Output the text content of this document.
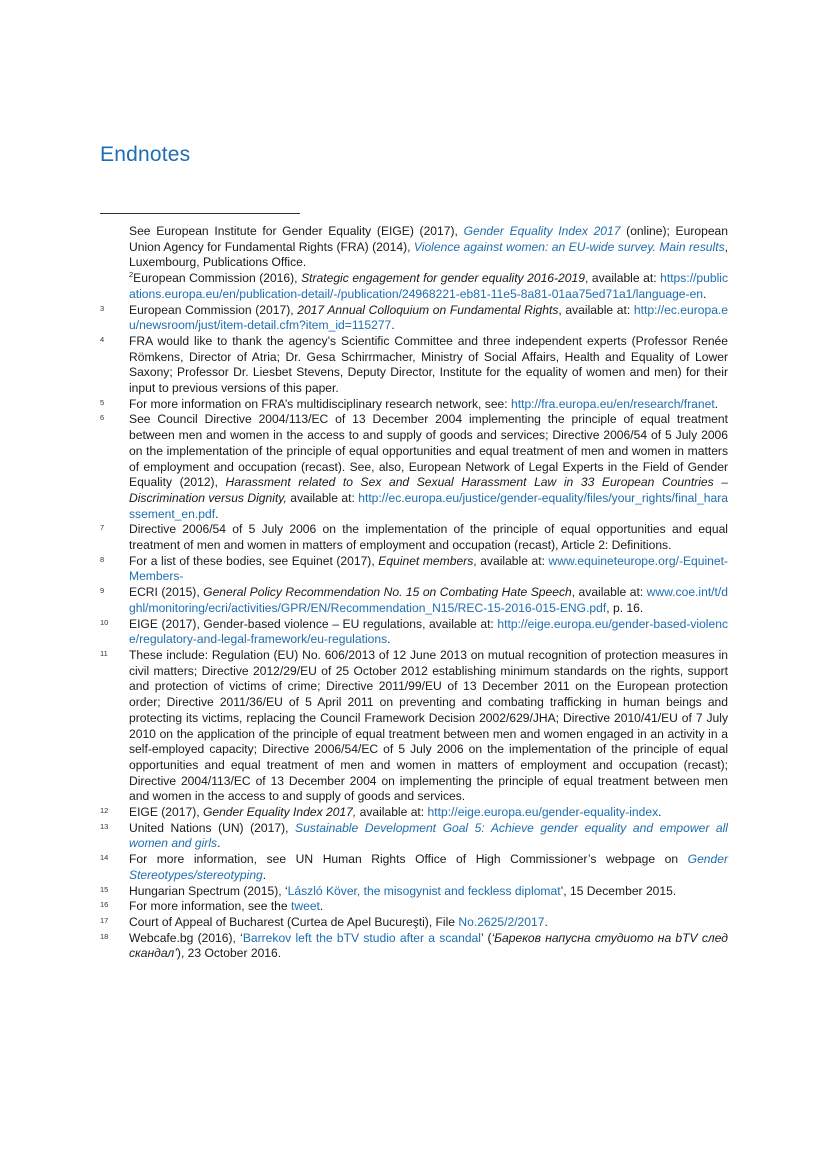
Endnotes
See European Institute for Gender Equality (EIGE) (2017), Gender Equality Index 2017 (online); European Union Agency for Fundamental Rights (FRA) (2014), Violence against women: an EU-wide survey. Main results, Luxembourg, Publications Office.
$^2$European Commission (2016), Strategic engagement for gender equality 2016-2019, available at: https://publications.europa.eu/en/publication-detail/-/publication/24968221-eb81-11e5-8a81-01aa75ed71a1/language-en.
3 European Commission (2017), 2017 Annual Colloquium on Fundamental Rights, available at: http://ec.europa.eu/newsroom/just/item-detail.cfm?item_id=115277.
4 FRA would like to thank the agency’s Scientific Committee and three independent experts (Professor Renée Römkens, Director of Atria; Dr. Gesa Schirrmacher, Ministry of Social Affairs, Health and Equality of Lower Saxony; Professor Dr. Liesbet Stevens, Deputy Director, Institute for the equality of women and men) for their input to previous versions of this paper.
5 For more information on FRA’s multidisciplinary research network, see: http://fra.europa.eu/en/research/franet.
6 See Council Directive 2004/113/EC of 13 December 2004 implementing the principle of equal treatment between men and women in the access to and supply of goods and services; Directive 2006/54 of 5 July 2006 on the implementation of the principle of equal opportunities and equal treatment of men and women in matters of employment and occupation (recast). See, also, European Network of Legal Experts in the Field of Gender Equality (2012), Harassment related to Sex and Sexual Harassment Law in 33 European Countries – Discrimination versus Dignity, available at: http://ec.europa.eu/justice/gender-equality/files/your_rights/final_harassement_en.pdf.
7 Directive 2006/54 of 5 July 2006 on the implementation of the principle of equal opportunities and equal treatment of men and women in matters of employment and occupation (recast), Article 2: Definitions.
8 For a list of these bodies, see Equinet (2017), Equinet members, available at: www.equineteurope.org/-Equinet-Members-
9 ECRI (2015), General Policy Recommendation No. 15 on Combating Hate Speech, available at: www.coe.int/t/dghl/monitoring/ecri/activities/GPR/EN/Recommendation_N15/REC-15-2016-015-ENG.pdf, p. 16.
10 EIGE (2017), Gender-based violence – EU regulations, available at: http://eige.europa.eu/gender-based-violence/regulatory-and-legal-framework/eu-regulations.
11 These include: Regulation (EU) No. 606/2013 of 12 June 2013 on mutual recognition of protection measures in civil matters; Directive 2012/29/EU of 25 October 2012 establishing minimum standards on the rights, support and protection of victims of crime; Directive 2011/99/EU of 13 December 2011 on the European protection order; Directive 2011/36/EU of 5 April 2011 on preventing and combating trafficking in human beings and protecting its victims, replacing the Council Framework Decision 2002/629/JHA; Directive 2010/41/EU of 7 July 2010 on the application of the principle of equal treatment between men and women engaged in an activity in a self-employed capacity; Directive 2006/54/EC of 5 July 2006 on the implementation of the principle of equal opportunities and equal treatment of men and women in matters of employment and occupation (recast); Directive 2004/113/EC of 13 December 2004 on implementing the principle of equal treatment between men and women in the access to and supply of goods and services.
12 EIGE (2017), Gender Equality Index 2017, available at: http://eige.europa.eu/gender-equality-index.
13 United Nations (UN) (2017), Sustainable Development Goal 5: Achieve gender equality and empower all women and girls.
14 For more information, see UN Human Rights Office of High Commissioner’s webpage on Gender Stereotypes/stereotyping.
15 Hungarian Spectrum (2015), ‘László Köver, the misogynist and feckless diplomat’, 15 December 2015.
16 For more information, see the tweet.
17 Court of Appeal of Bucharest (Curtea de Apel Bucureşti), File No.2625/2/2017.
18 Webcafe.bg (2016), ‘Barrekov left the bTV studio after a scandal’ (‘Бареков напусна студиото на bTV след скандал’), 23 October 2016.
